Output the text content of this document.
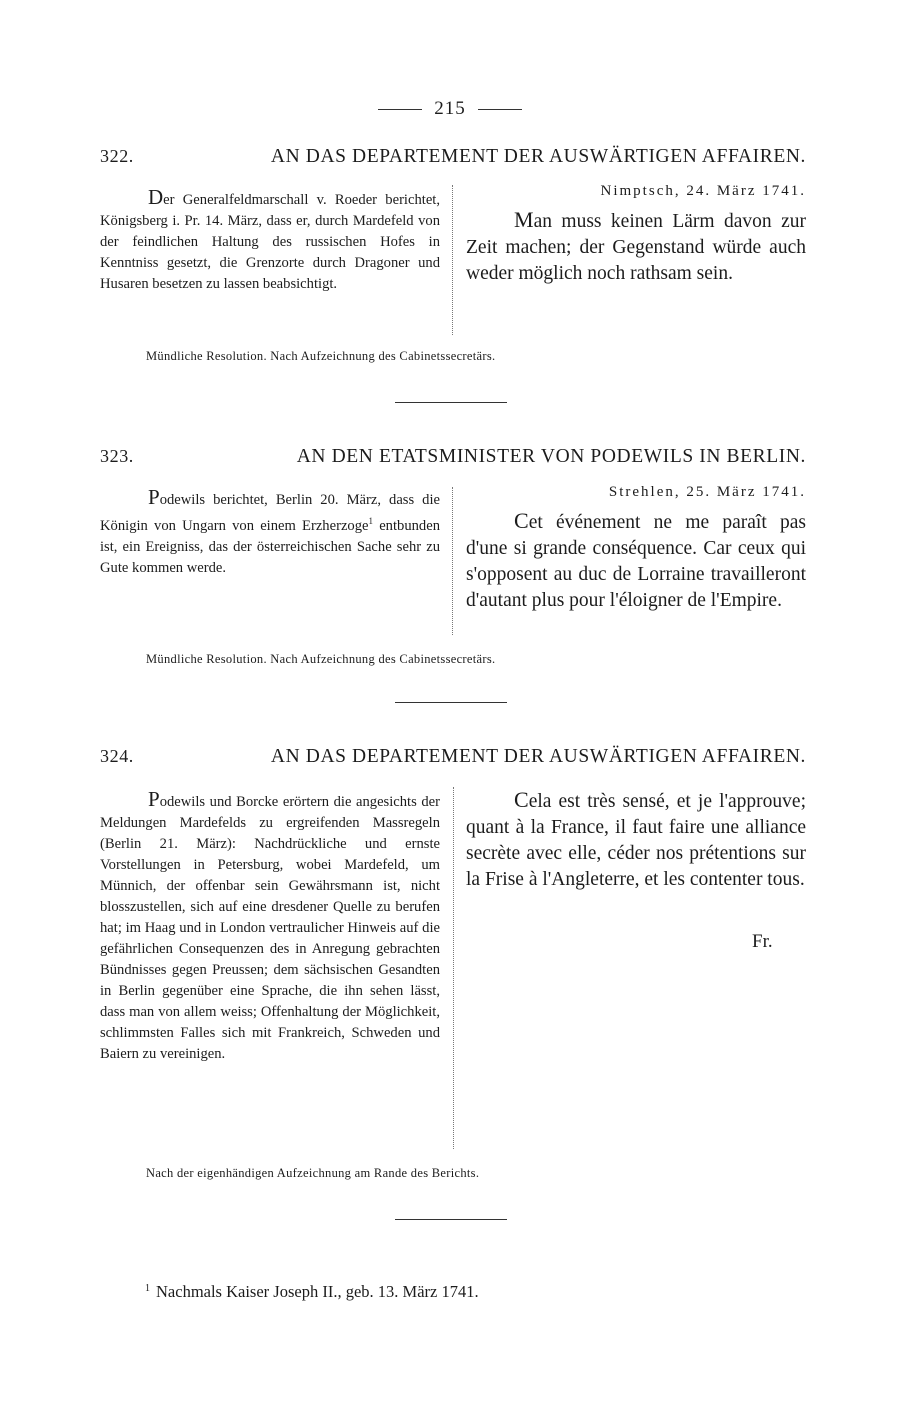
215
322.	AN DAS DEPARTEMENT DER AUSWÄRTIGEN AFFAIREN.
Der Generalfeldmarschall v. Roeder berichtet, Königsberg i. Pr. 14. März, dass er, durch Mardefeld von der feindlichen Haltung des russischen Hofes in Kenntniss gesetzt, die Grenzorte durch Dragoner und Husaren besetzen zu lassen beabsichtigt.
Nimptsch, 24. März 1741.

Man muss keinen Lärm davon zur Zeit machen; der Gegenstand würde auch weder möglich noch rathsam sein.

Mündliche Resolution. Nach Aufzeichnung des Cabinetssecretärs.
323.	AN DEN ETATSMINISTER VON PODEWILS IN BERLIN.
Podewils berichtet, Berlin 20. März, dass die Königin von Ungarn von einem Erzherzoge$^1$ entbunden ist, ein Ereigniss, das der österreichischen Sache sehr zu Gute kommen werde.
Strehlen, 25. März 1741.

Cet événement ne me paraît pas d'une si grande conséquence. Car ceux qui s'opposent au duc de Lorraine travailleront d'autant plus pour l'éloigner de l'Empire.

Mündliche Resolution. Nach Aufzeichnung des Cabinetssecretärs.
324.	AN DAS DEPARTEMENT DER AUSWÄRTIGEN AFFAIREN.
Podewils und Borcke erörtern die angesichts der Meldungen Mardefelds zu ergreifenden Massregeln (Berlin 21. März): Nachdrückliche und ernste Vorstellungen in Petersburg, wobei Mardefeld, um Münnich, der offenbar sein Gewährsmann ist, nicht blosszustellen, sich auf eine dresdener Quelle zu berufen hat; im Haag und in London vertraulicher Hinweis auf die gefährlichen Consequenzen des in Anregung gebrachten Bündnisses gegen Preussen; dem sächsischen Gesandten in Berlin gegenüber eine Sprache, die ihn sehen lässt, dass man von allem weiss; Offenhaltung der Möglichkeit, schlimmsten Falles sich mit Frankreich, Schweden und Baiern zu vereinigen.

Cela est très sensé, et je l'approuve; quant à la France, il faut faire une alliance secrète avec elle, céder nos prétentions sur la Frise à l'Angleterre, et les contenter tous.

Fr.
Nach der eigenhändigen Aufzeichnung am Rande des Berichts.
$^1$ Nachmals Kaiser Joseph II., geb. 13. März 1741.
